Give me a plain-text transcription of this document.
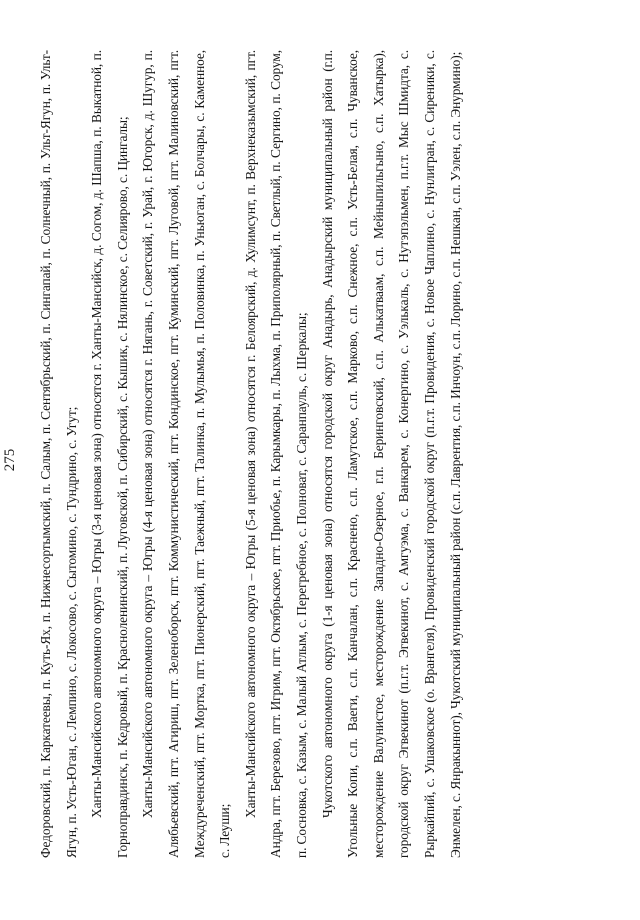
275	Федоровский, п. Каркатеевы, п. Куть-Ях, п. Нижнесортымский, п. Салым, п. Сентябрьский, п. Сингапай, п. Солнечный, п. Ульт-Ягун, п. Ульт-Ягун, п. Усть-Юган, с. Лемпино, с. Локосово, с. Сытомино, с. Тундрино, с. Угут; Ханты-Мансийского автономного округа – Югры (3-я ценовая зона) относятся г. Ханты-Мансийск, д. Согом, д. Шапша, п. Выкатной, п. Горноправдинск, п. Кедровый, п. Красноленинский, п. Луговской, п. Сибирский, с. Кышик, с. Нялинское, с. Селиярово, с. Цингалы; Ханты-Мансийского автономного округа – Югры (4-я ценовая зона) относятся г. Нягань, г. Советский, г. Урай, г. Югорск, д. Шугур, п. Алябьевский, пгт. Агириш, пгт. Зеленоборск, пгт. Коммунистический, пгт. Кондинское, пгт. Куминский, пгт. Луговой, пгт. Малиновский, пгт. Междуреченский, пгт. Мортка, пгт. Пионерский, пгт. Таежный, пгт. Талинка, п. Мулымья, п. Половинка, п. Уньюган, с. Болчары, с. Каменное, с. Леуши;

Ханты-Мансийского автономного округа – Югры (5-я ценовая зона) относятся г. Белоярский, д. Хулимсунт, п. Верхнеказымский, пгт. Андра, пгт. Березово, пгт. Игрим, пгт. Октябрьское, пгт. Приобье, п. Карымкары, п. Лыхма, п. Приполярный, п. Светлый, п. Сергино, п. Сорум, п. Сосновка, с. Казым, с. Малый Атлым, с. Перегребное, с. Полноват, с. Саранпауль, с. Шеркалы; Чукотского автономного округа (1-я ценовая зона) относятся городской округ Анадырь, Анадырский муниципальный район (г.п. Угольные Копи, с.п. Ваеги, с.п. Канчалан, с.п. Краснено, с.п. Ламутское, с.п. Марково, с.п. Снежное, с.п. Усть-Белая, с.п. Чуванское, месторождение Валунистое, месторождение Западно-Озерное, г.п. Беринговский, с.п. Алькатваам, с.п. Мейныпильгыно, с.п. Хатырка), городской округ Эгвекинот (п.г.т. Эгвекинот, с. Амгуэма, с. Ванкарем, с. Конергино, с. Уэлькаль, с. Нутэпэльмен, п.г.т. Мыс Шмидта, с. Рыркайпий, с. Ушаковское (о. Врангеля), Провиденский городской округ (п.г.т. Провидения, с. Новое Чаплино, с. Нунлигран, с. Сиреники, с. Энмелен, с. Янракыннот), Чукотский муниципальный район (с.п. Лаврентия, с.п. Инчоун, с.п. Лорино, с.п. Нешкан, с.п. Уэлен, с.п. Энурмино);
